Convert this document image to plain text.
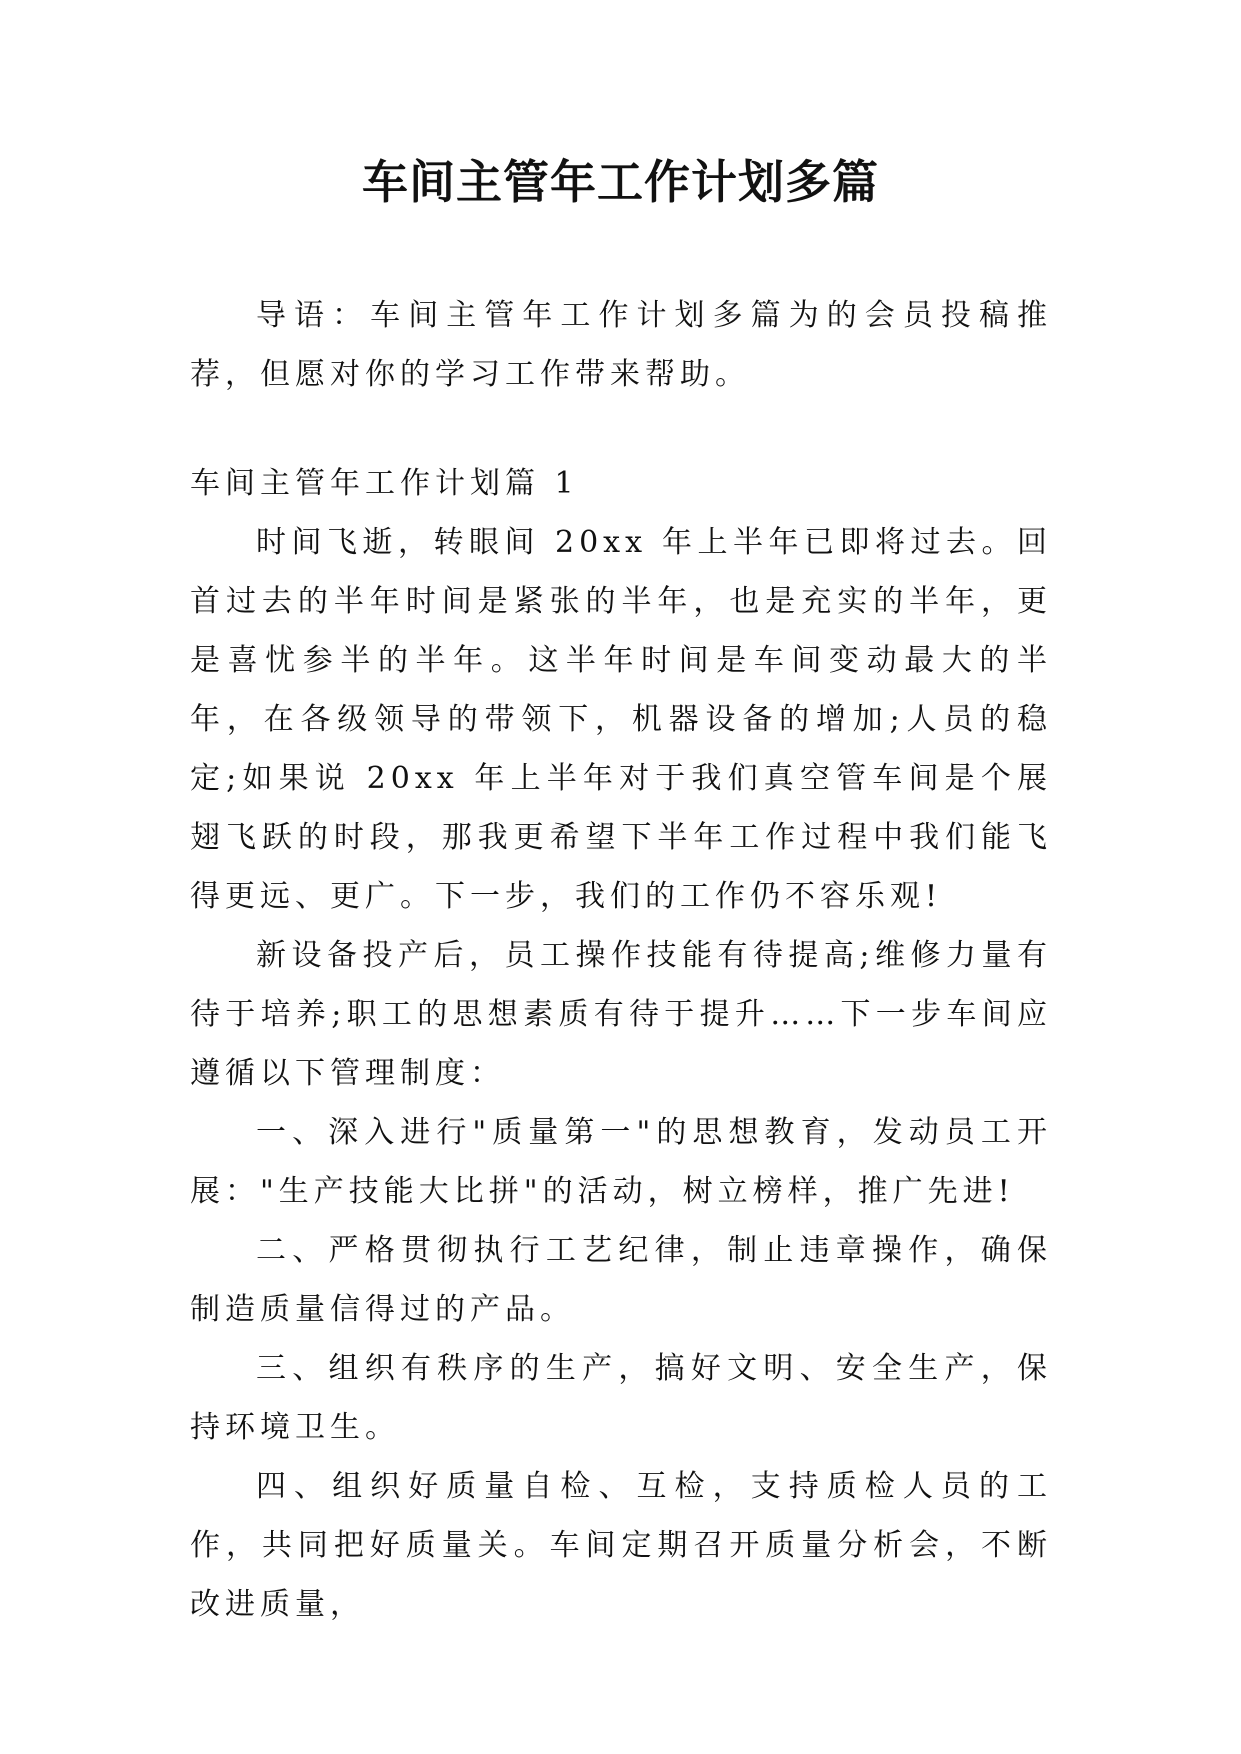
车间主管年工作计划多篇

导语：车间主管年工作计划多篇为的会员投稿推荐，但愿对你的学习工作带来帮助。

车间主管年工作计划篇 1

时间飞逝，转眼间 20xx 年上半年已即将过去。回首过去的半年时间是紧张的半年，也是充实的半年，更是喜忧参半的半年。这半年时间是车间变动最大的半年，在各级领导的带领下，机器设备的增加;人员的稳定;如果说 20xx 年上半年对于我们真空管车间是个展翅飞跃的时段，那我更希望下半年工作过程中我们能飞得更远、更广。下一步，我们的工作仍不容乐观!

新设备投产后，员工操作技能有待提高;维修力量有待于培养;职工的思想素质有待于提升……下一步车间应遵循以下管理制度：

一、深入进行"质量第一"的思想教育，发动员工开展："生产技能大比拼"的活动，树立榜样，推广先进!

二、严格贯彻执行工艺纪律，制止违章操作，确保制造质量信得过的产品。

三、组织有秩序的生产，搞好文明、安全生产，保持环境卫生。

四、组织好质量自检、互检，支持质检人员的工作，共同把好质量关。车间定期召开质量分析会，不断改进质量，
